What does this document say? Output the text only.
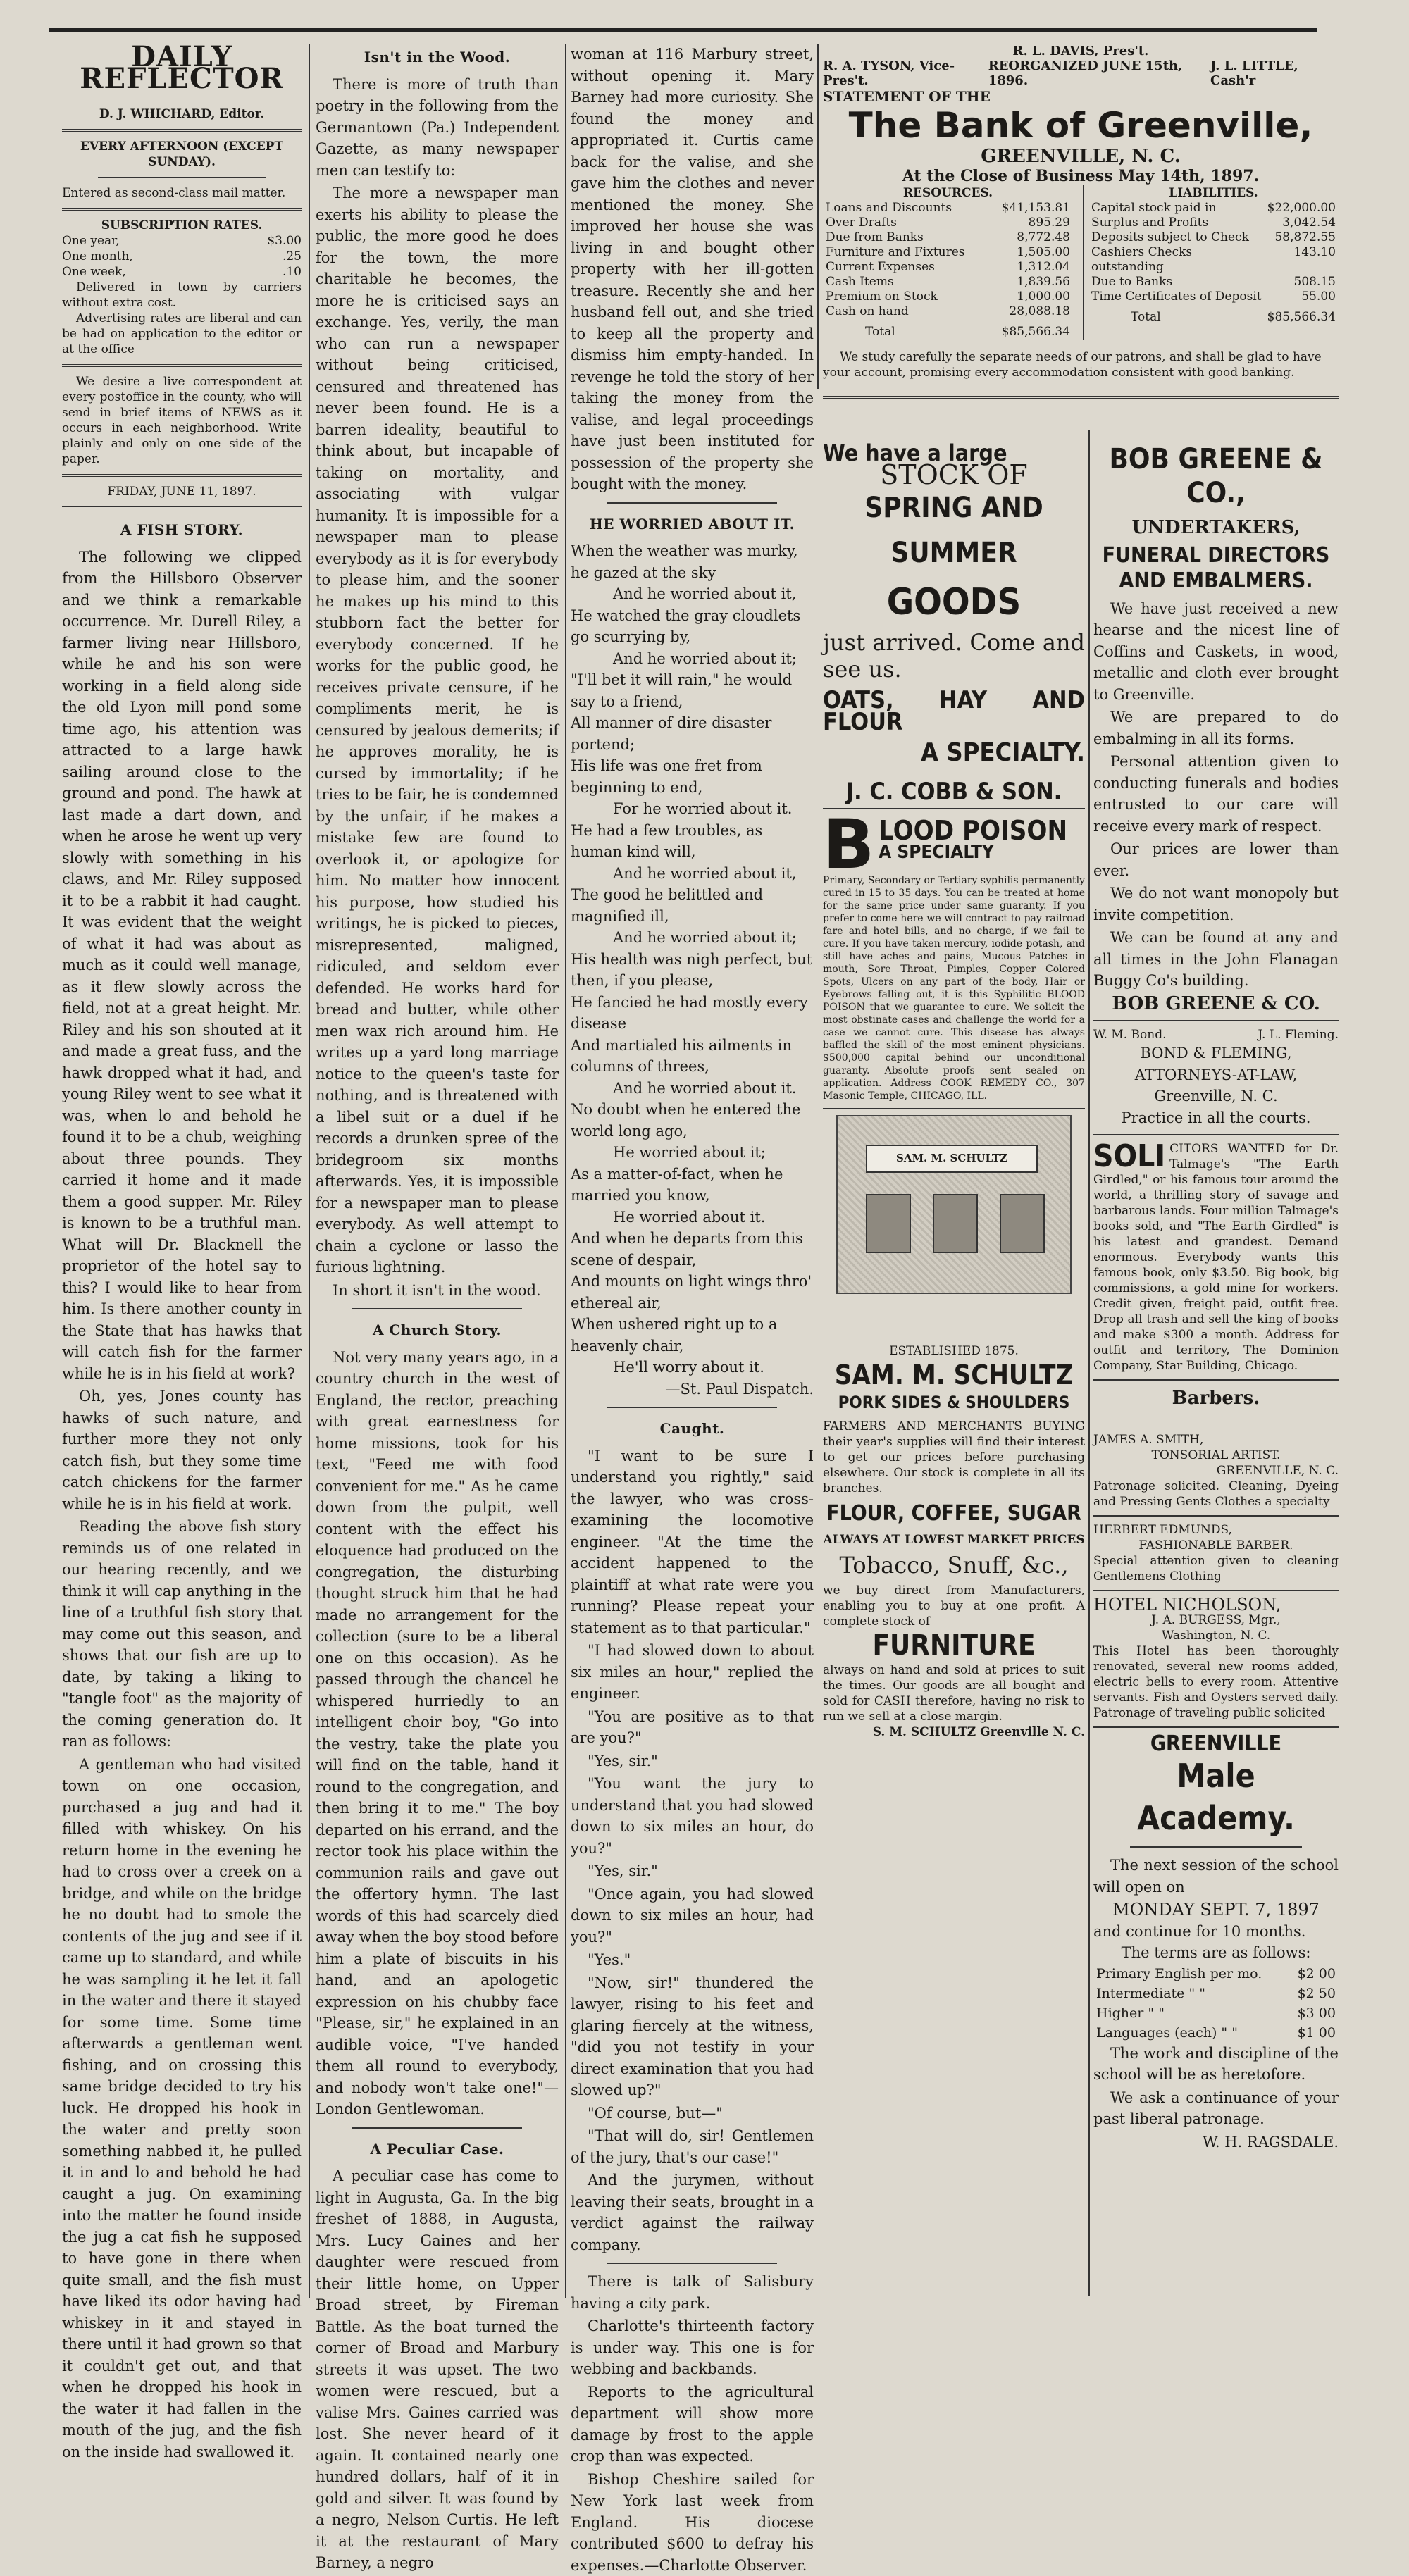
DAILY REFLECTOR
D. J. WHICHARD, Editor.
EVERY AFTERNOON (EXCEPT SUNDAY).
Entered as second-class mail matter.
SUBSCRIPTION RATES.
One year,	$3.00
One month,	.25
One week,	.10
Delivered in town by carriers without extra cost.
Advertising rates are liberal and can be had on application to the editor or at the office
We desire a live correspondent at every postoffice in the county, who will send in brief items of NEWS as it occurs in each neighborhood. Write plainly and only on one side of the paper.
FRIDAY, JUNE 11, 1897.
A FISH STORY.

The following we clipped from the Hillsboro Observer and we think a remarkable occurrence. Mr. Durell Riley, a farmer living near Hillsboro, while he and his son were working in a field along side the old Lyon mill pond some time ago, his attention was attracted to a large hawk sailing around close to the ground and pond. The hawk at last made a dart down, and when he arose he went up very slowly with something in his claws, and Mr. Riley supposed it to be a rabbit it had caught. It was evident that the weight of what it had was about as much as it could well manage, as it flew slowly across the field, not at a great height. Mr. Riley and his son shouted at it and made a great fuss, and the hawk dropped what it had, and young Riley went to see what it was, when lo and behold he found it to be a chub, weighing about three pounds. They carried it home and it made them a good supper. Mr. Riley is known to be a truthful man. What will Dr. Blacknell the proprietor of the hotel say to this? I would like to hear from him. Is there another county in the State that has hawks that will catch fish for the farmer while he is in his field at work?

Oh, yes, Jones county has hawks of such nature, and further more they not only catch fish, but they some time catch chickens for the farmer while he is in his field at work.

Reading the above fish story reminds us of one related in our hearing recently, and we think it will cap anything in the line of a truthful fish story that may come out this season, and shows that our fish are up to date, by taking a liking to "tangle foot" as the majority of the coming generation do. It ran as follows:

A gentleman who had visited town on one occasion, purchased a jug and had it filled with whiskey. On his return home in the evening he had to cross over a creek on a bridge, and while on the bridge he no doubt had to smole the contents of the jug and see if it came up to standard, and while he was sampling it he let it fall in the water and there it stayed for some time. Some time afterwards a gentleman went fishing, and on crossing this same bridge decided to try his luck. He dropped his hook in the water and pretty soon something nabbed it, he pulled it in and lo and behold he had caught a jug. On examining into the matter he found inside the jug a cat fish he supposed to have gone in there when quite small, and the fish must have liked its odor having had whiskey in it and stayed in there until it had grown so that it couldn't get out, and that when he dropped his hook in the water it had fallen in the mouth of the jug, and the fish on the inside had swallowed it.

Isn't in the Wood.

There is more of truth than poetry in the following from the Germantown (Pa.) Independent Gazette, as many newspaper men can testify to:

The more a newspaper man exerts his ability to please the public, the more good he does for the town, the more charitable he becomes, the more he is criticised says an exchange. Yes, verily, the man who can run a newspaper without being criticised, censured and threatened has never been found. He is a barren ideality, beautiful to think about, but incapable of taking on mortality, and associating with vulgar humanity. It is impossible for a newspaper man to please everybody as it is for everybody to please him, and the sooner he makes up his mind to this stubborn fact the better for everybody concerned. If he works for the public good, he receives private censure, if he compliments merit, he is censured by jealous demerits; if he approves morality, he is cursed by immortality; if he tries to be fair, he is condemned by the unfair, if he makes a mistake few are found to overlook it, or apologize for him. No matter how innocent his purpose, how studied his writings, he is picked to pieces, misrepresented, maligned, ridiculed, and seldom ever defended. He works hard for bread and butter, while other men wax rich around him. He writes up a yard long marriage notice to the queen's taste for nothing, and is threatened with a libel suit or a duel if he records a drunken spree of the bridegroom six months afterwards. Yes, it is impossible for a newspaper man to please everybody. As well attempt to chain a cyclone or lasso the furious lightning.

In short it isn't in the wood.

A Church Story.

Not very many years ago, in a country church in the west of England, the rector, preaching with great earnestness for home missions, took for his text, "Feed me with food convenient for me." As he came down from the pulpit, well content with the effect his eloquence had produced on the congregation, the disturbing thought struck him that he had made no arrangement for the collection (sure to be a liberal one on this occasion). As he passed through the chancel he whispered hurriedly to an intelligent choir boy, "Go into the vestry, take the plate you will find on the table, hand it round to the congregation, and then bring it to me." The boy departed on his errand, and the rector took his place within the communion rails and gave out the offertory hymn. The last words of this had scarcely died away when the boy stood before him a plate of biscuits in his hand, and an apologetic expression on his chubby face "Please, sir," he explained in an audible voice, "I've handed them all round to everybody, and nobody won't take one!"—London Gentlewoman.

A Peculiar Case.

A peculiar case has come to light in Augusta, Ga. In the big freshet of 1888, in Augusta, Mrs. Lucy Gaines and her daughter were rescued from their little home, on Upper Broad street, by Fireman Battle. As the boat turned the corner of Broad and Marbury streets it was upset. The two women were rescued, but a valise Mrs. Gaines carried was lost. She never heard of it again. It contained nearly one hundred dollars, half of it in gold and silver. It was found by a negro, Nelson Curtis. He left it at the restaurant of Mary Barney, a negro

woman at 116 Marbury street, without opening it. Mary Barney had more curiosity. She found the money and appropriated it. Curtis came back for the valise, and she gave him the clothes and never mentioned the money. She improved her house she was living in and bought other property with her ill-gotten treasure. Recently she and her husband fell out, and she tried to keep all the property and dismiss him empty-handed. In revenge he told the story of her taking the money from the valise, and legal proceedings have just been instituted for possession of the property she bought with the money.

HE WORRIED ABOUT IT.

When the weather was murky, he gazed at the sky

And he worried about it,

He watched the gray cloudlets go scurrying by,

And he worried about it;

"I'll bet it will rain," he would say to a friend,

All manner of dire disaster portend;

His life was one fret from beginning to end,

For he worried about it.

He had a few troubles, as human kind will,

And he worried about it,

The good he belittled and magnified ill,

And he worried about it;

His health was nigh perfect, but then, if you please,

He fancied he had mostly every disease

And martialed his ailments in columns of threes,

And he worried about it.

No doubt when he entered the world long ago,

He worried about it;

As a matter-of-fact, when he married you know,

He worried about it.

And when he departs from this scene of despair,

And mounts on light wings thro' ethereal air,

When ushered right up to a heavenly chair,

He'll worry about it.

—St. Paul Dispatch.
Caught.

"I want to be sure I understand you rightly," said the lawyer, who was cross-examining the locomotive engineer. "At the time the accident happened to the plaintiff at what rate were you running? Please repeat your statement as to that particular."

"I had slowed down to about six miles an hour," replied the engineer.

"You are positive as to that are you?"

"Yes, sir."

"You want the jury to understand that you had slowed down to six miles an hour, do you?"

"Yes, sir."

"Once again, you had slowed down to six miles an hour, had you?"

"Yes."

"Now, sir!" thundered the lawyer, rising to his feet and glaring fiercely at the witness, "did you not testify in your direct examination that you had slowed up?"

"Of course, but—"

"That will do, sir! Gentlemen of the jury, that's our case!"

And the jurymen, without leaving their seats, brought in a verdict against the railway company.

There is talk of Salisbury having a city park.

Charlotte's thirteenth factory is under way. This one is for webbing and backbands.

Reports to the agricultural department will show more damage by frost to the apple crop than was expected.

Bishop Cheshire sailed for New York last week from England. His diocese contributed $600 to defray his expenses.—Charlotte Observer.

R. L. DAVIS, Pres't.
R. A. TYSON, Vice-Pres't.
REORGANIZED JUNE 15th, 1896.
J. L. LITTLE, Cash'r
STATEMENT OF THE
The Bank of Greenville,
GREENVILLE, N. C.
At the Close of Business May 14th, 1897.
RESOURCES.
Loans and Discounts	$41,153.81
Over Drafts	895.29
Due from Banks	8,772.48
Furniture and Fixtures	1,505.00
Current Expenses	1,312.04
Cash Items	1,839.56
Premium on Stock	1,000.00
Cash on hand	28,088.18
Total	$85,566.34
LIABILITIES.
Capital stock paid in	$22,000.00
Surplus and Profits	3,042.54
Deposits subject to Check	58,872.55
Cashiers Checks outstanding	143.10
Due to Banks	508.15
Time Certificates of Deposit	55.00
Total	$85,566.34
We study carefully the separate needs of our patrons, and shall be glad to have your account, promising every accommodation consistent with good banking.
We have a large
STOCK OF
SPRING AND SUMMER
GOODS
just arrived. Come and see us.
OATS, HAY AND FLOUR
A SPECIALTY.
J. C. COBB & SON.
B LOOD POISON
A SPECIALTY
Primary, Secondary or Tertiary syphilis permanently cured in 15 to 35 days. You can be treated at home for the same price under same guaranty. If you prefer to come here we will contract to pay railroad fare and hotel bills, and no charge, if we fail to cure. If you have taken mercury, iodide potash, and still have aches and pains, Mucous Patches in mouth, Sore Throat, Pimples, Copper Colored Spots, Ulcers on any part of the body, Hair or Eyebrows falling out, it is this Syphilitic BLOOD POISON that we guarantee to cure. We solicit the most obstinate cases and challenge the world for a case we cannot cure. This disease has always baffled the skill of the most eminent physicians. $500,000 capital behind our unconditional guaranty. Absolute proofs sent sealed on application. Address COOK REMEDY CO., 307 Masonic Temple, CHICAGO, ILL.
SAM. M. SCHULTZ
ESTABLISHED 1875.
SAM. M. SCHULTZ
PORK SIDES & SHOULDERS
FARMERS AND MERCHANTS BUYING their year's supplies will find their interest to get our prices before purchasing elsewhere. Our stock is complete in all its branches.
FLOUR, COFFEE, SUGAR
ALWAYS AT LOWEST MARKET PRICES
Tobacco, Snuff, &c.,
we buy direct from Manufacturers, enabling you to buy at one profit. A complete stock of
FURNITURE
always on hand and sold at prices to suit the times. Our goods are all bought and sold for CASH therefore, having no risk to run we sell at a close margin.
S. M. SCHULTZ Greenville N. C.
BOB GREENE & CO.,
UNDERTAKERS,
FUNERAL DIRECTORS AND EMBALMERS.

We have just received a new hearse and the nicest line of Coffins and Caskets, in wood, metallic and cloth ever brought to Greenville.

We are prepared to do embalming in all its forms.

Personal attention given to conducting funerals and bodies entrusted to our care will receive every mark of respect.

Our prices are lower than ever.

We do not want monopoly but invite competition.

We can be found at any and all times in the John Flanagan Buggy Co's building.

BOB GREENE & CO.
W. M. Bond.	J. L. Fleming.
BOND & FLEMING,
ATTORNEYS-AT-LAW,
Greenville, N. C.
Practice in all the courts.
SOLI CITORS WANTED for Dr. Talmage's "The Earth Girdled," or his famous tour around the world, a thrilling story of savage and barbarous lands. Four million Talmage's books sold, and "The Earth Girdled" is his latest and grandest. Demand enormous. Everybody wants this famous book, only $3.50. Big book, big commissions, a gold mine for workers. Credit given, freight paid, outfit free. Drop all trash and sell the king of books and make $300 a month. Address for outfit and territory, The Dominion Company, Star Building, Chicago.
Barbers.
JAMES A. SMITH,
TONSORIAL ARTIST.
GREENVILLE, N. C.
Patronage solicited. Cleaning, Dyeing and Pressing Gents Clothes a specialty
HERBERT EDMUNDS,
FASHIONABLE BARBER.
Special attention given to cleaning Gentlemens Clothing
HOTEL NICHOLSON,
J. A. BURGESS, Mgr.,
Washington, N. C.
This Hotel has been thoroughly renovated, several new rooms added, electric bells to every room. Attentive servants. Fish and Oysters served daily. Patronage of traveling public solicited
GREENVILLE
Male Academy.

The next session of the school will open on

MONDAY SEPT. 7, 1897
and continue for 10 months.
The terms are as follows:
Primary English per mo.	$2 00
Intermediate " "	$2 50
Higher " "	$3 00
Languages (each) " "	$1 00

The work and discipline of the school will be as heretofore.

We ask a continuance of your past liberal patronage.

W. H. RAGSDALE.
